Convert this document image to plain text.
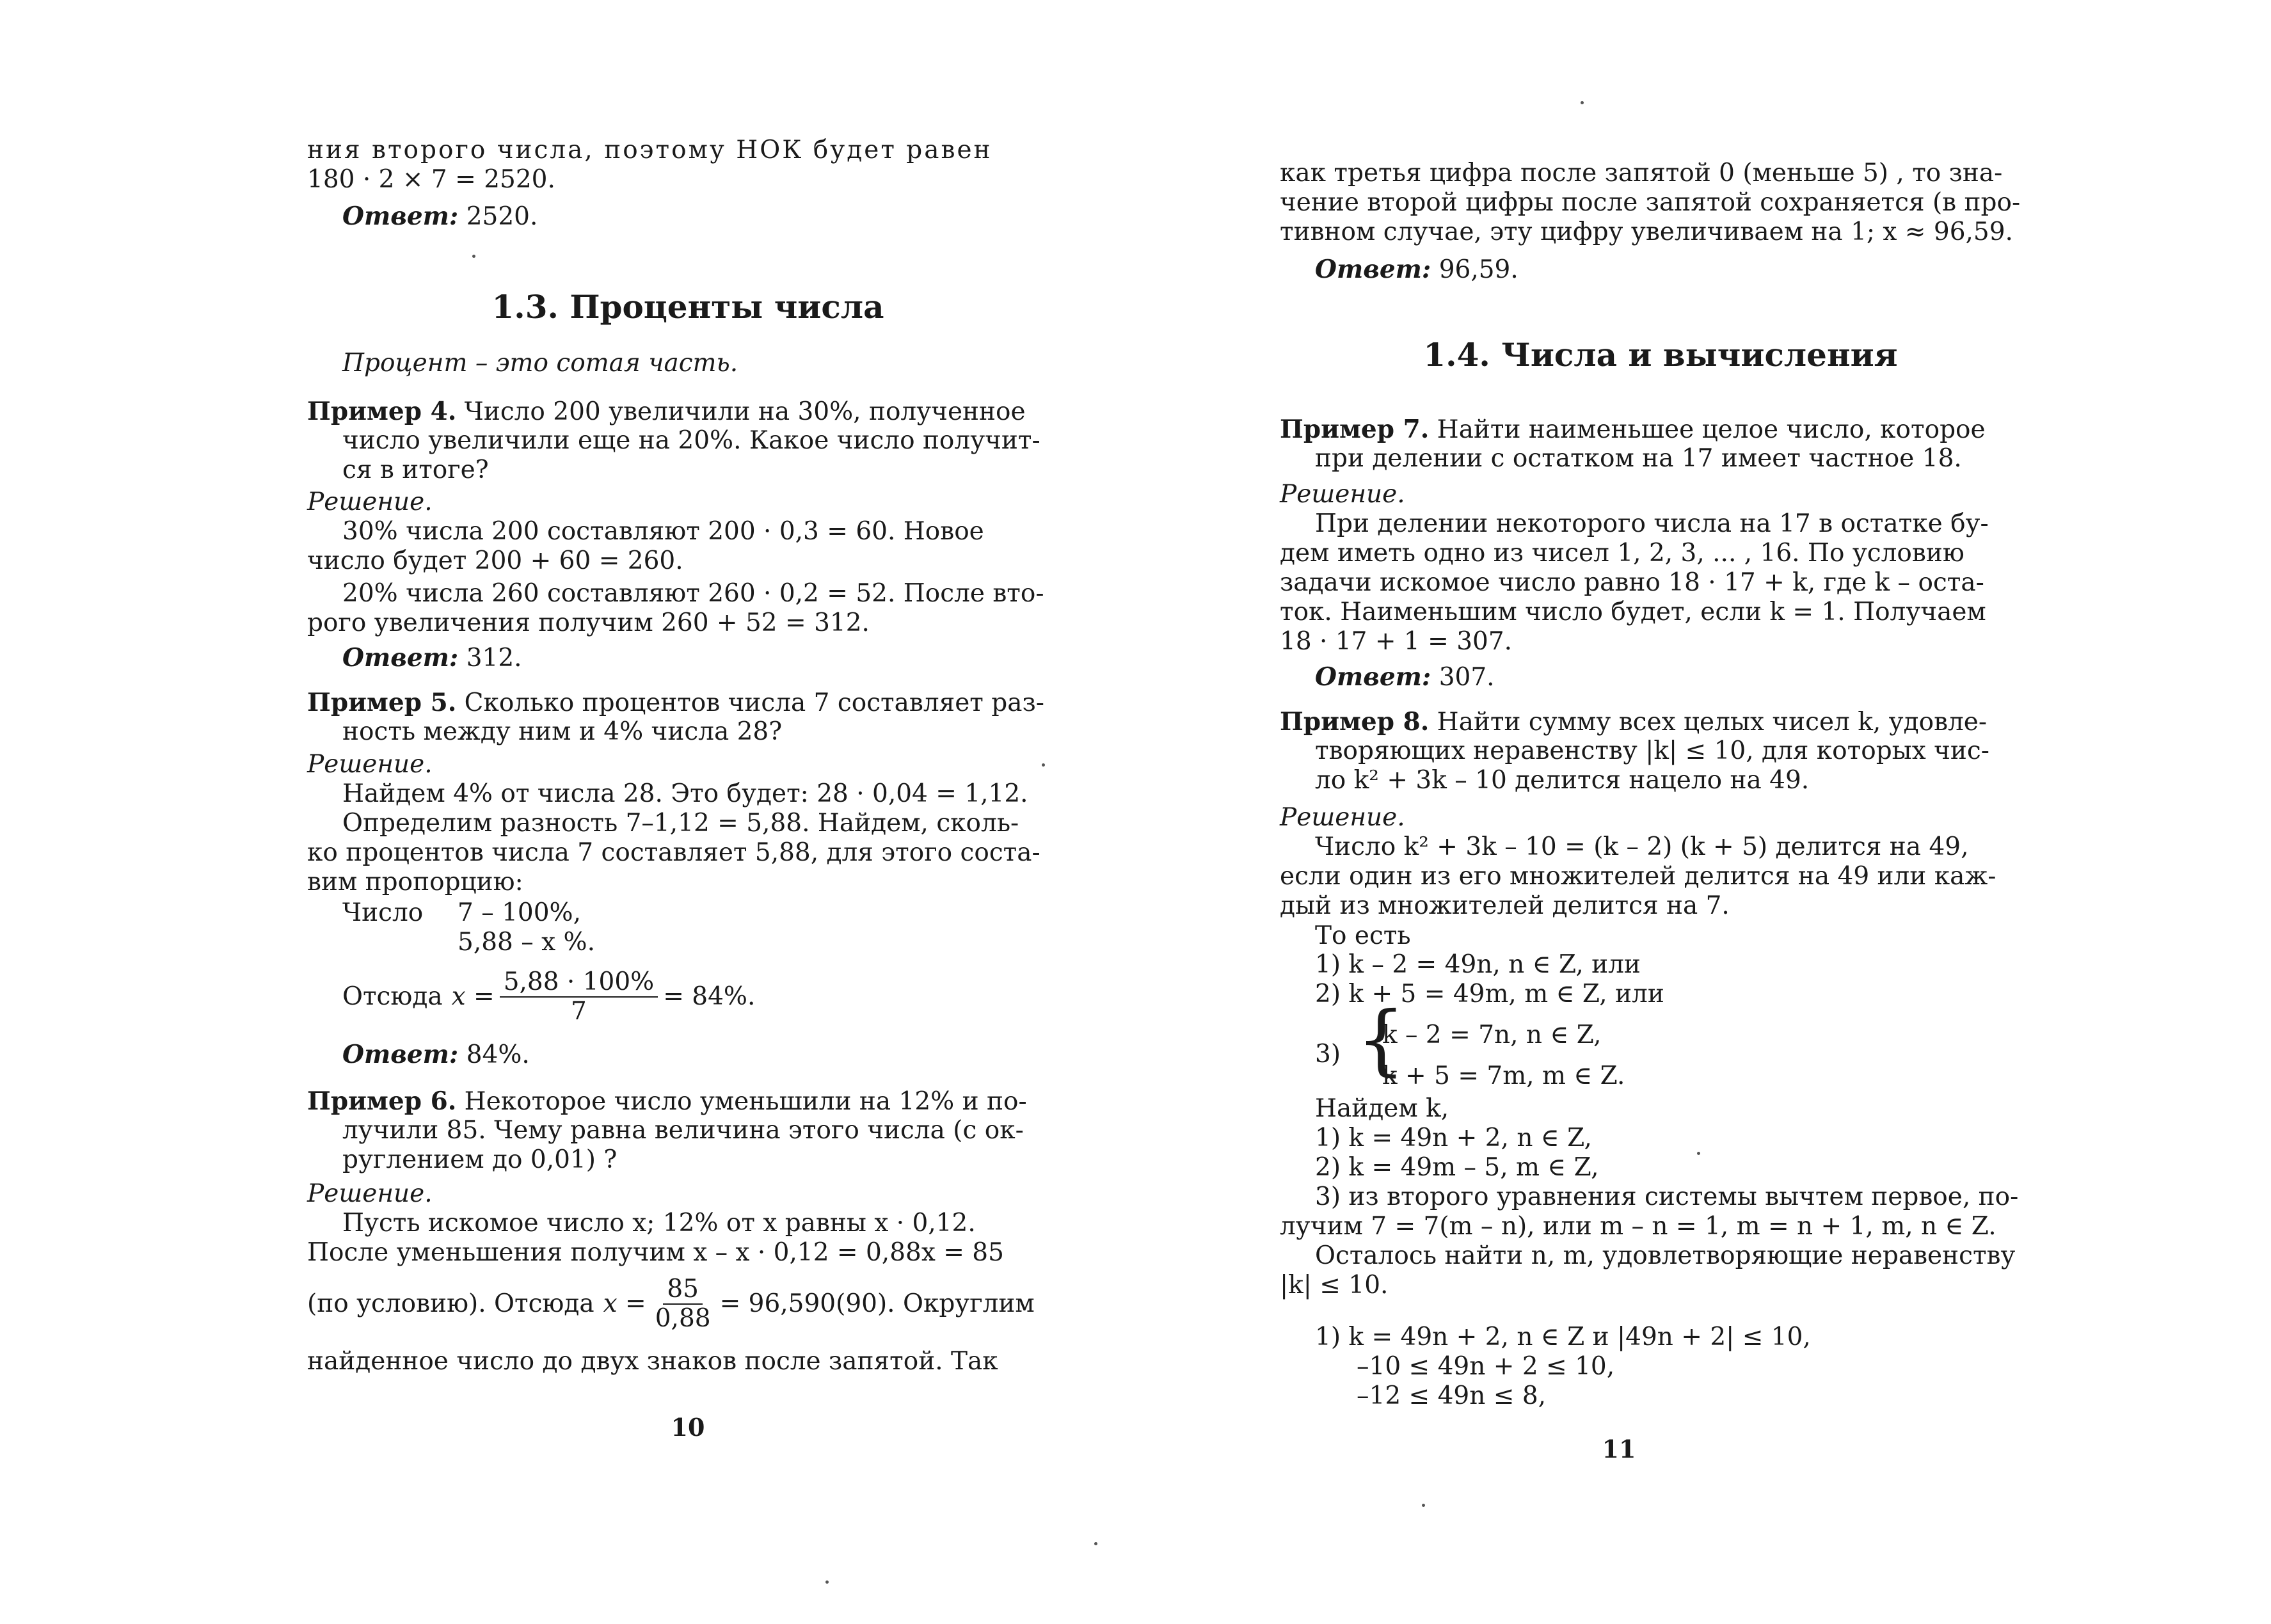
ния второго числа, поэтому НОК будет равен
180 · 2 × 7 = 2520.
Ответ: 2520.
1.3. Проценты числа
Процент – это сотая часть.
Пример 4. Число 200 увеличили на 30%, полученное
число увеличили еще на 20%. Какое число получит-
ся в итоге?
Решение.
30% числа 200 составляют 200 · 0,3 = 60. Новое
число будет 200 + 60 = 260.
20% числа 260 составляют 260 · 0,2 = 52. После вто-
рого увеличения получим 260 + 52 = 312.
Ответ: 312.
Пример 5. Сколько процентов числа 7 составляет раз-
ность между ним и 4% числа 28?
Решение.
Найдем 4% от числа 28. Это будет: 28 · 0,04 = 1,12.
Определим разность 7–1,12 = 5,88. Найдем, сколь-
ко процентов числа 7 составляет 5,88, для этого соста-
вим пропорцию:
Число	7 – 100%,
5,88 – x %.
Отсюда $x = \frac{5,88 \cdot 100\%}{7} = 84\%$.
Ответ: 84%.
Пример 6. Некоторое число уменьшили на 12% и по-
лучили 85. Чему равна величина этого числа (с ок-
руглением до 0,01) ?
Решение.
Пусть искомое число x; 12% от x равны x · 0,12.
После уменьшения получим x – x · 0,12 = 0,88x = 85
(по условию). Отсюда $x = \frac{85}{0,88} = 96,590(90)$. Округлим
найденное число до двух знаков после запятой. Так
10
как третья цифра после запятой 0 (меньше 5) , то зна-
чение второй цифры после запятой сохраняется (в про-
тивном случае, эту цифру увеличиваем на 1; x ≈ 96,59.
Ответ: 96,59.
1.4. Числа и вычисления
Пример 7. Найти наименьшее целое число, которое
при делении с остатком на 17 имеет частное 18.
Решение.
При делении некоторого числа на 17 в остатке бу-
дем иметь одно из чисел 1, 2, 3, ... , 16. По условию
задачи искомое число равно 18 · 17 + k, где k – оста-
ток. Наименьшим число будет, если k = 1. Получаем
18 · 17 + 1 = 307.
Ответ: 307.
Пример 8. Найти сумму всех целых чисел k, удовле-
творяющих неравенству |k| ≤ 10, для которых чис-
ло k² + 3k – 10 делится нацело на 49.
Решение.
Число k² + 3k – 10 = (k – 2) (k + 5) делится на 49,
если один из его множителей делится на 49 или каж-
дый из множителей делится на 7.
То есть
1) k – 2 = 49n, n ∈ Z, или
2) k + 5 = 49m, m ∈ Z, или
3) {
k – 2 = 7n, n ∈ Z,
k + 5 = 7m, m ∈ Z.
Найдем k,
1) k = 49n + 2, n ∈ Z,
2) k = 49m – 5, m ∈ Z,
3) из второго уравнения системы вычтем первое, по-
лучим 7 = 7(m – n), или m – n = 1, m = n + 1, m, n ∈ Z.
Осталось найти n, m, удовлетворяющие неравенству
|k| ≤ 10.
1) k = 49n + 2, n ∈ Z и |49n + 2| ≤ 10,
–10 ≤ 49n + 2 ≤ 10,
–12 ≤ 49n ≤ 8,
11
